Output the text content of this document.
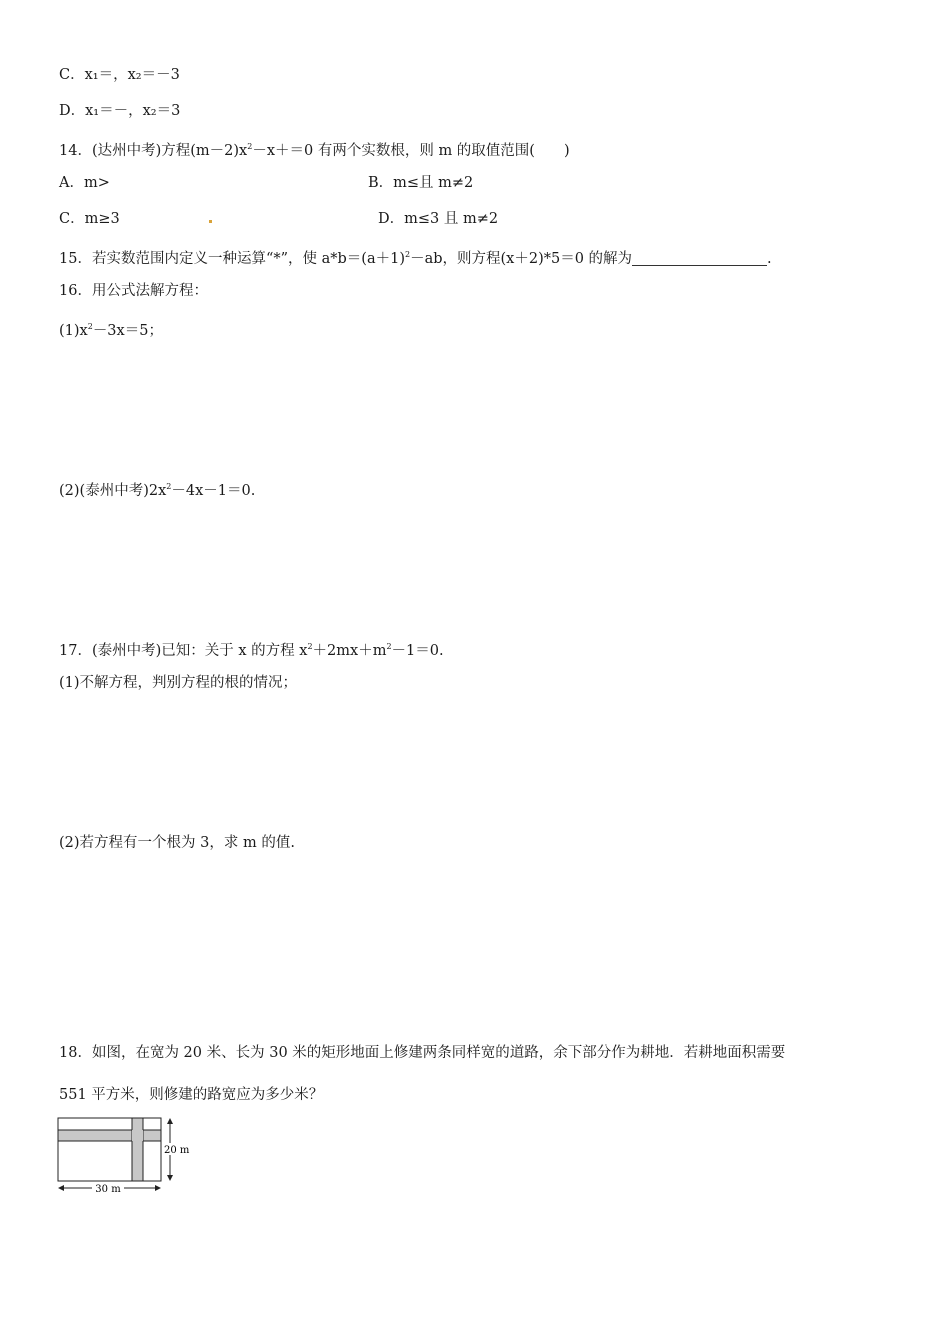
C．x₁＝，x₂＝－3
D．x₁＝－，x₂＝3
14．(达州中考)方程$(m-2)x^2-x+=0$ 有两个实数根，则 m 的取值范围(　　)
A．m>	B．m≤且 m≠2
C．m≥3	D．m≤3 且 m≠2
15．若实数范围内定义一种运算“*”，使 $a*b=(a+1)^2-ab$，则方程(x＋2)*5＝0 的解为	.
16．用公式法解方程：
$(1)x^2-3x=5$；
(2)(泰州中考)$2x^2-4x-1=0$.
17．(泰州中考)已知：关于 x 的方程 $x^2+2mx+m^2-1=0$.
(1)不解方程，判别方程的根的情况；
(2)若方程有一个根为 3，求 m 的值.
18．如图，在宽为 20 米、长为 30 米的矩形地面上修建两条同样宽的道路，余下部分作为耕地．若耕地面积需要
551 平方米，则修建的路宽应为多少米？
30 m
20 m
